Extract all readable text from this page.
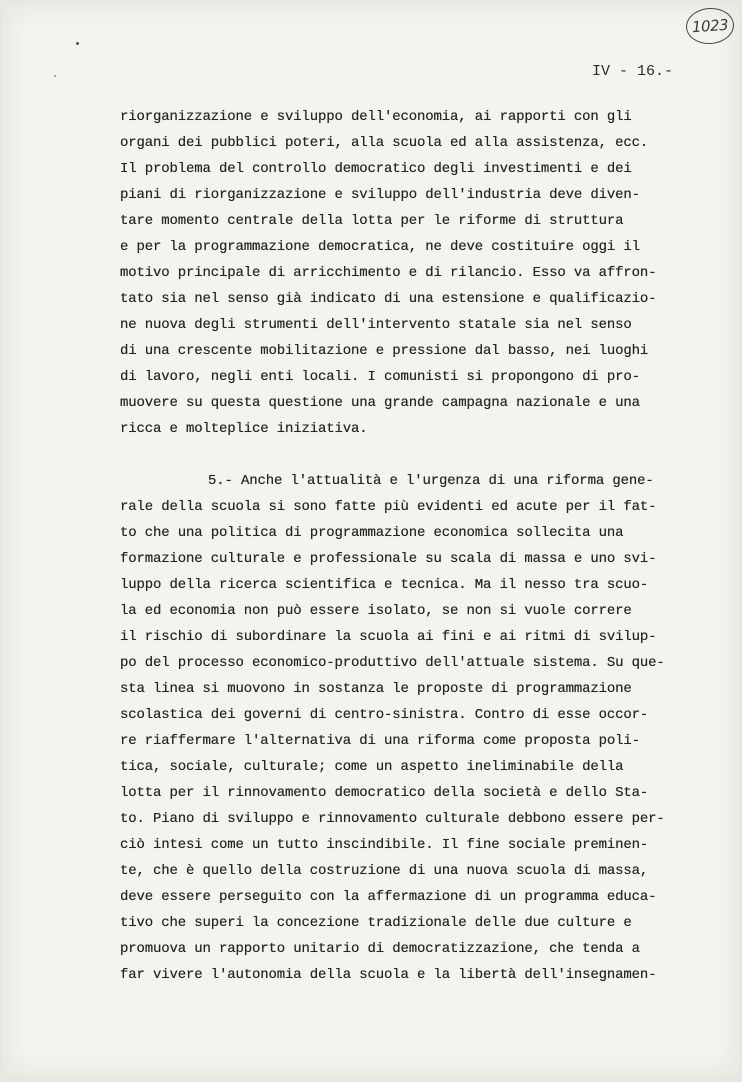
1023
IV - 16.-
riorganizzazione e sviluppo dell'economia, ai rapporti con gli
organi dei pubblici poteri, alla scuola ed alla assistenza, ecc.
Il problema del controllo democratico degli investimenti e dei
piani di riorganizzazione e sviluppo dell'industria deve diven-
tare momento centrale della lotta per le riforme di struttura
e per la programmazione democratica, ne deve costituire oggi il
motivo principale di arricchimento e di rilancio. Esso va affron-
tato sia nel senso già indicato di una estensione e qualificazio-
ne nuova degli strumenti dell'intervento statale sia nel senso
di una crescente mobilitazione e pressione dal basso, nei luoghi
di lavoro, negli enti locali. I comunisti si propongono di pro-
muovere su questa questione una grande campagna nazionale e una
ricca e molteplice iniziativa.
5.- Anche l'attualità e l'urgenza di una riforma gene-
rale della scuola si sono fatte più evidenti ed acute per il fat-
to che una politica di programmazione economica sollecita una
formazione culturale e professionale su scala di massa e uno svi-
luppo della ricerca scientifica e tecnica. Ma il nesso tra scuo-
la ed economia non può essere isolato, se non si vuole correre
il rischio di subordinare la scuola ai fini e ai ritmi di svilup-
po del processo economico-produttivo dell'attuale sistema. Su que-
sta linea si muovono in sostanza le proposte di programmazione
scolastica dei governi di centro-sinistra. Contro di esse occor-
re riaffermare l'alternativa di una riforma come proposta poli-
tica, sociale, culturale; come un aspetto ineliminabile della
lotta per il rinnovamento democratico della società e dello Sta-
to. Piano di sviluppo e rinnovamento culturale debbono essere per-
ciò intesi come un tutto inscindibile. Il fine sociale preminen-
te, che è quello della costruzione di una nuova scuola di massa,
deve essere perseguito con la affermazione di un programma educa-
tivo che superi la concezione tradizionale delle due culture e
promuova un rapporto unitario di democratizzazione, che tenda a
far vivere l'autonomia della scuola e la libertà dell'insegnamen-
